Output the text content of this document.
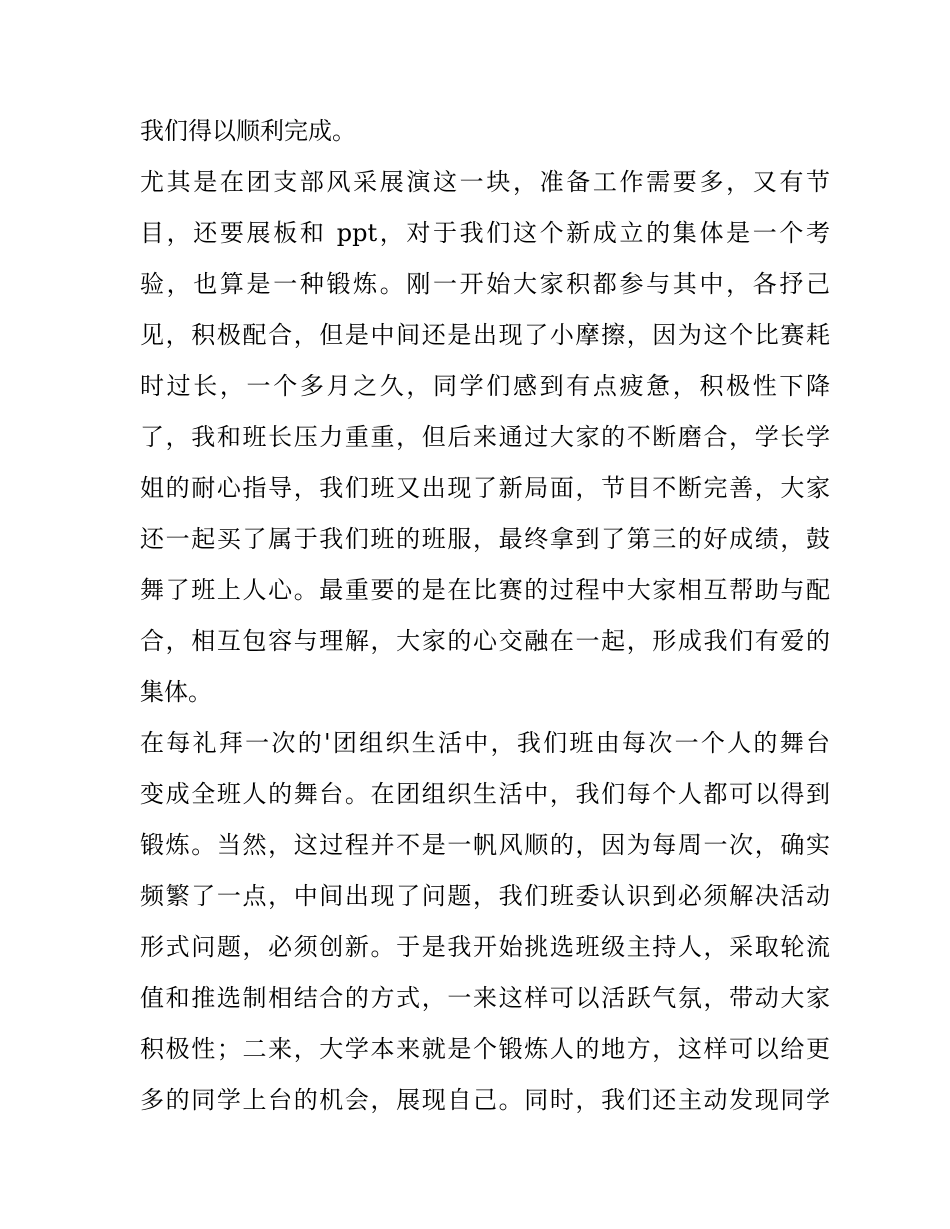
我们得以顺利完成。
尤其是在团支部风采展演这一块，准备工作需要多，又有节
目，还要展板和 ppt，对于我们这个新成立的集体是一个考
验，也算是一种锻炼。刚一开始大家积都参与其中，各抒己
见，积极配合，但是中间还是出现了小摩擦，因为这个比赛耗
时过长，一个多月之久，同学们感到有点疲惫，积极性下降
了，我和班长压力重重，但后来通过大家的不断磨合，学长学
姐的耐心指导，我们班又出现了新局面，节目不断完善，大家
还一起买了属于我们班的班服，最终拿到了第三的好成绩，鼓
舞了班上人心。最重要的是在比赛的过程中大家相互帮助与配
合，相互包容与理解，大家的心交融在一起，形成我们有爱的
集体。
在每礼拜一次的'团组织生活中，我们班由每次一个人的舞台
变成全班人的舞台。在团组织生活中，我们每个人都可以得到
锻炼。当然，这过程并不是一帆风顺的，因为每周一次，确实
频繁了一点，中间出现了问题，我们班委认识到必须解决活动
形式问题，必须创新。于是我开始挑选班级主持人，采取轮流
值和推选制相结合的方式，一来这样可以活跃气氛，带动大家
积极性；二来，大学本来就是个锻炼人的地方，这样可以给更
多的同学上台的机会，展现自己。同时，我们还主动发现同学
